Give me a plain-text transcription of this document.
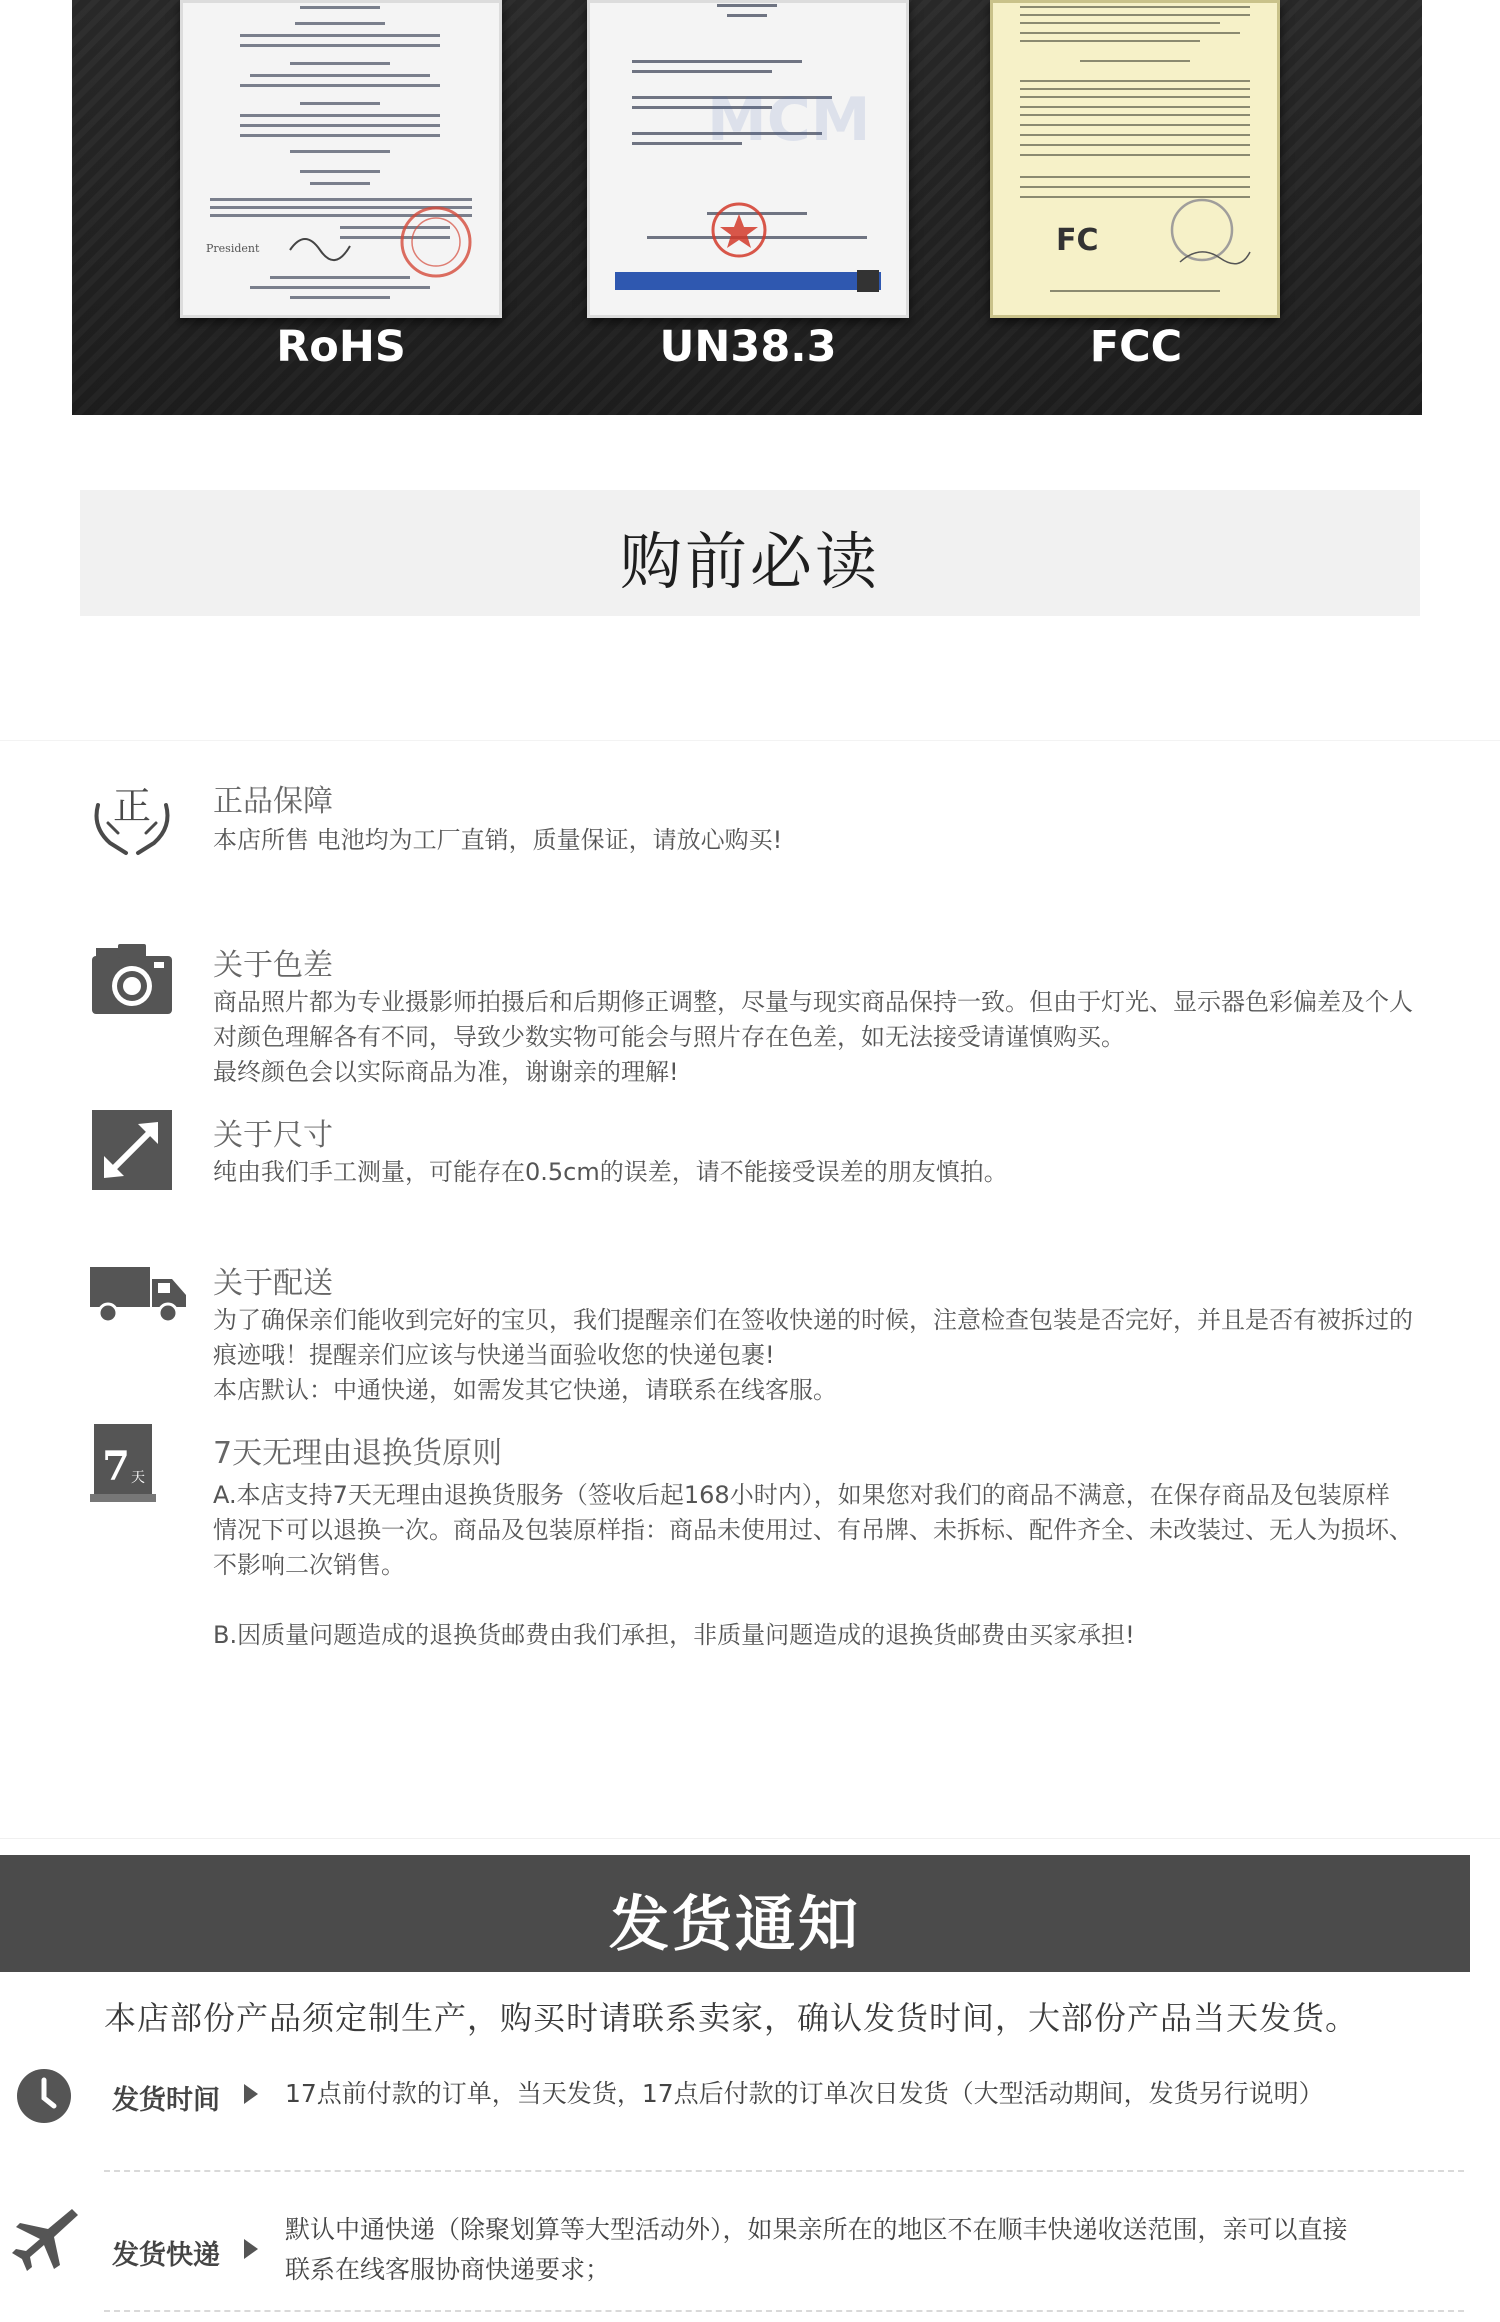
President
RoHS
MCM
UN38.3
FC
FCC
购前必读
正 正品保障

本店所售 电池均为工厂直销，质量保证，请放心购买!

关于色差

商品照片都为专业摄影师拍摄后和后期修正调整，尽量与现实商品保持一致。但由于灯光、显示器色彩偏差及个人

对颜色理解各有不同，导致少数实物可能会与照片存在色差，如无法接受请谨慎购买。

最终颜色会以实际商品为准，谢谢亲的理解!

关于尺寸

纯由我们手工测量，可能存在0.5cm的误差，请不能接受误差的朋友慎拍。

关于配送

为了确保亲们能收到完好的宝贝，我们提醒亲们在签收快递的时候，注意检查包装是否完好，并且是否有被拆过的

痕迹哦！提醒亲们应该与快递当面验收您的快递包裹!

本店默认：中通快递，如需发其它快递，请联系在线客服。

7 天
7天无理由退换货原则

A.本店支持7天无理由退换货服务（签收后起168小时内），如果您对我们的商品不满意，在保存商品及包装原样

情况下可以退换一次。商品及包装原样指：商品未使用过、有吊牌、未拆标、配件齐全、未改装过、无人为损坏、

不影响二次销售。

B.因质量问题造成的退换货邮费由我们承担，非质量问题造成的退换货邮费由买家承担!

发货通知
本店部份产品须定制生产，购买时请联系卖家，确认发货时间，大部份产品当天发货。
发货时间	17点前付款的订单，当天发货，17点后付款的订单次日发货（大型活动期间，发货另行说明）
发货快递
默认中通快递（除聚划算等大型活动外），如果亲所在的地区不在顺丰快递收送范围，亲可以直接
联系在线客服协商快递要求；
